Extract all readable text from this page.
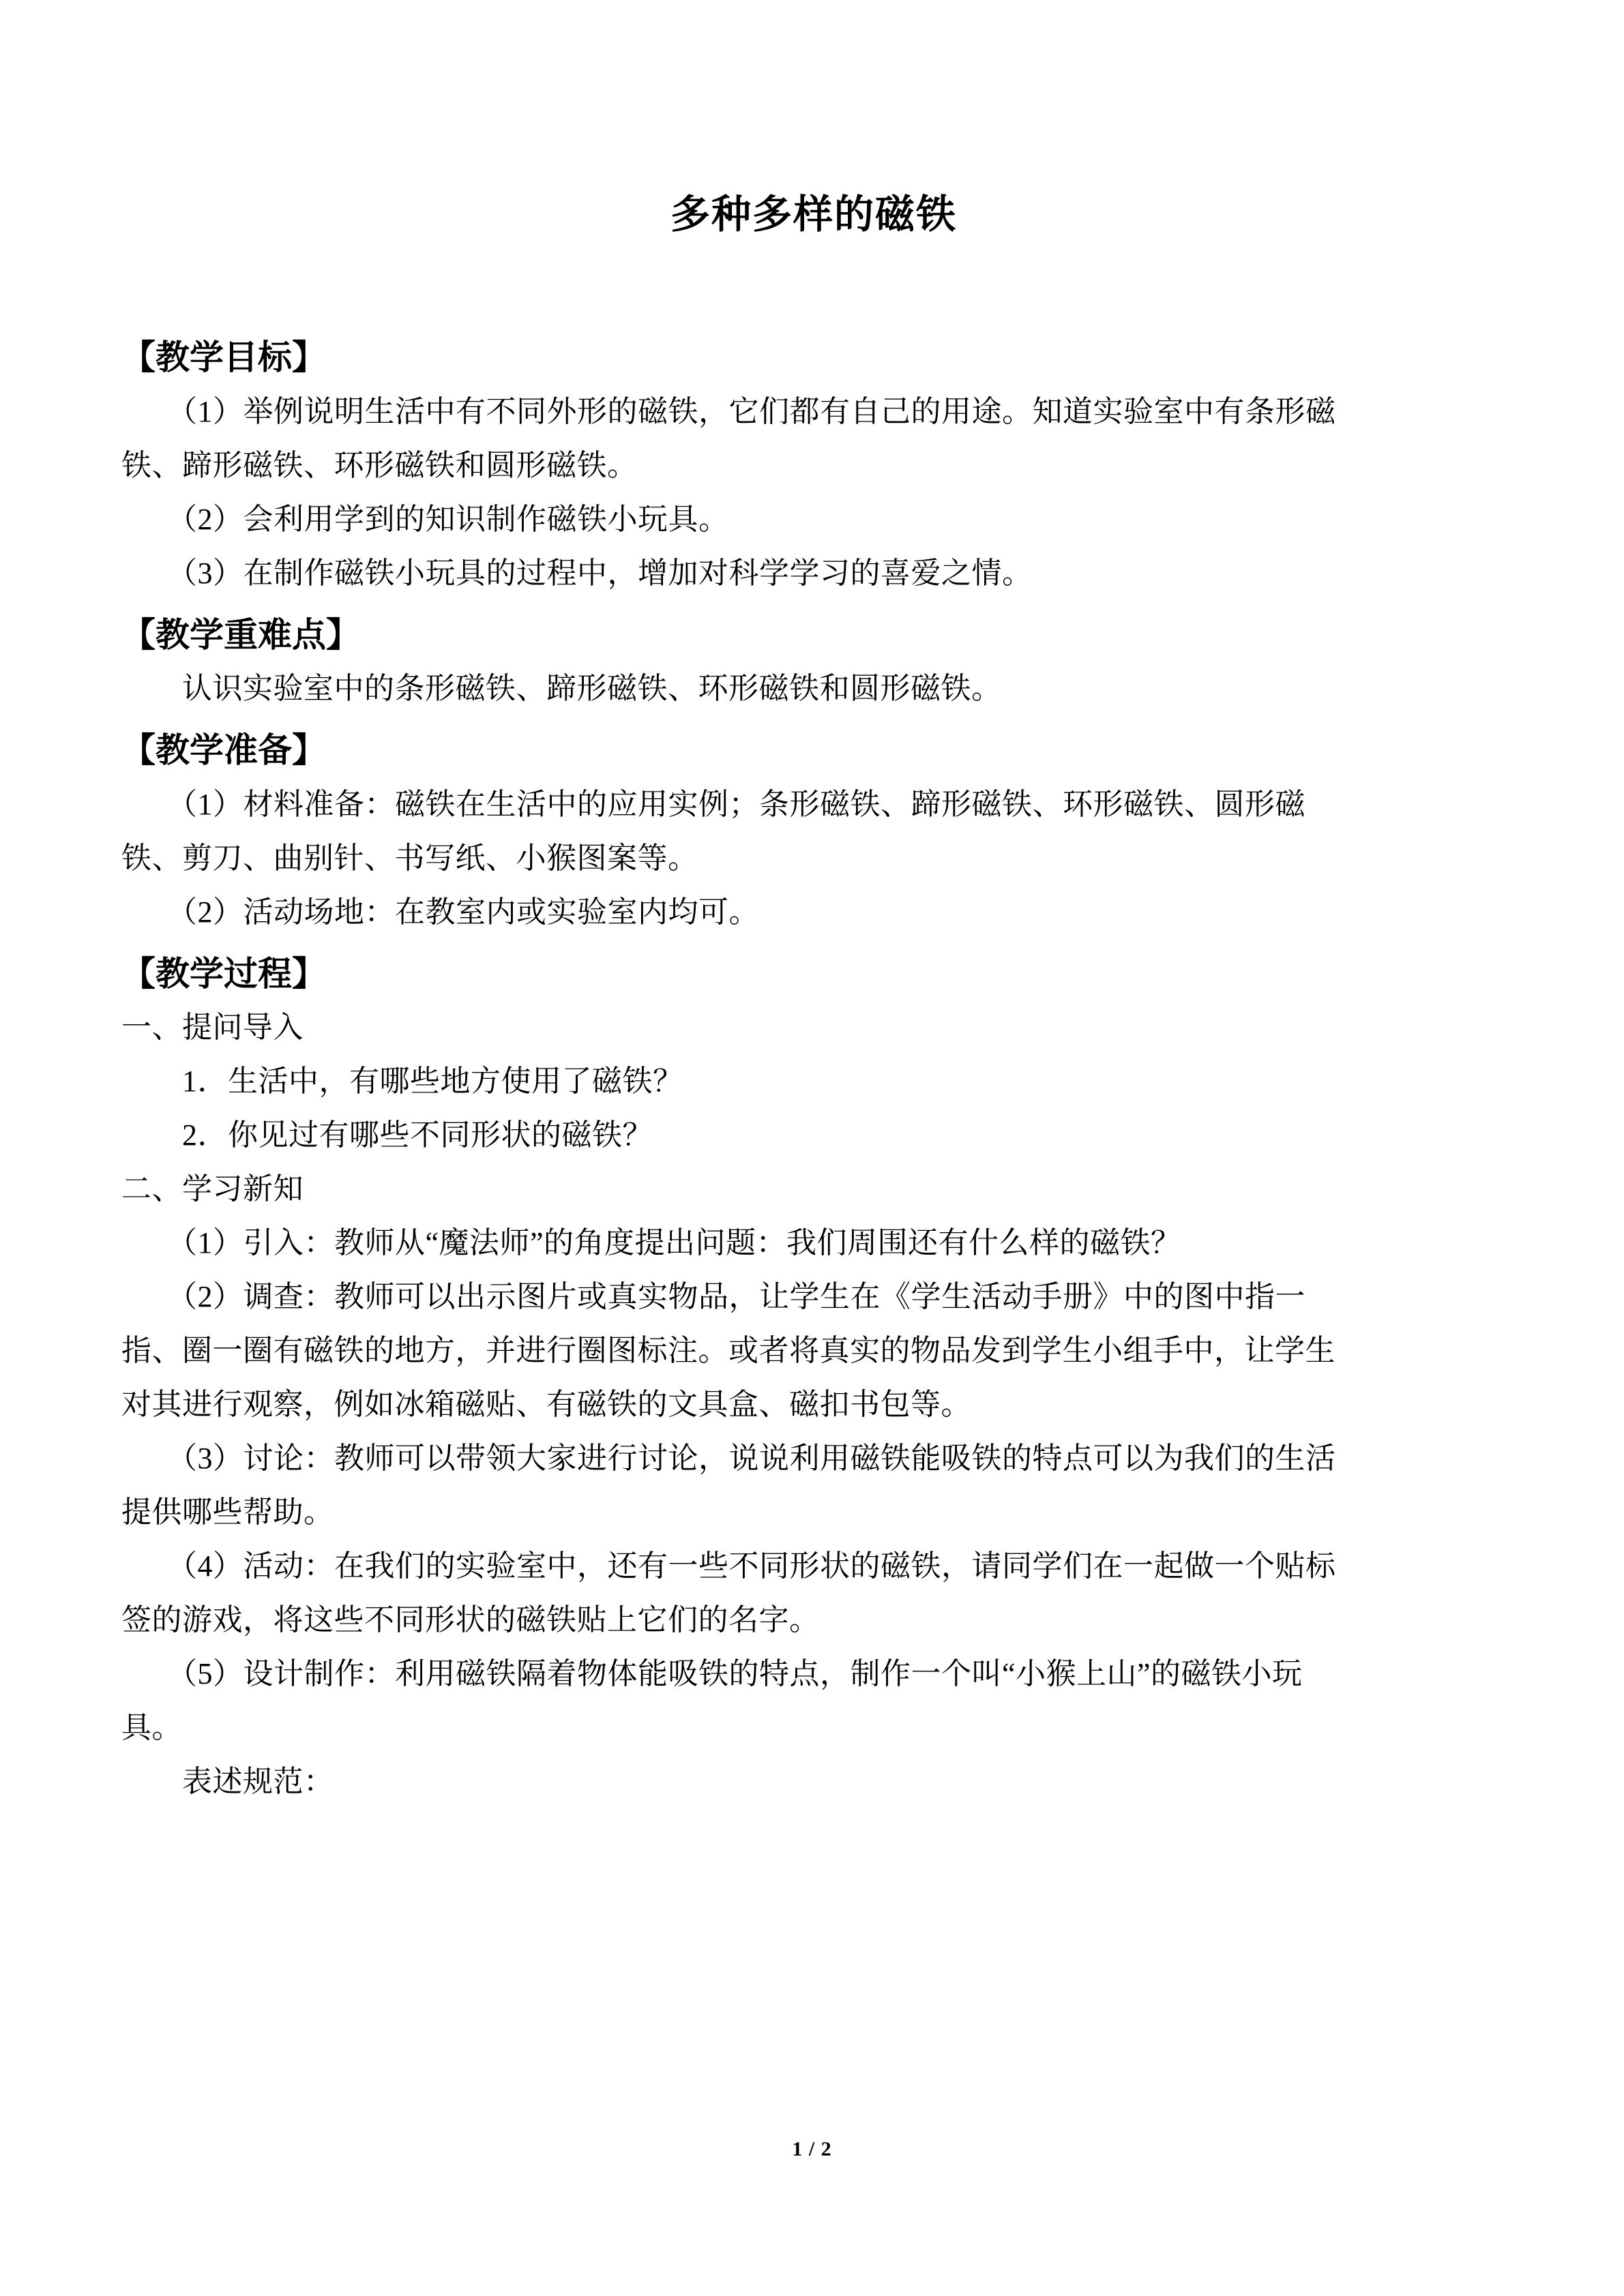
多种多样的磁铁
【教学目标】

　　（1）举例说明生活中有不同外形的磁铁，它们都有自己的用途。知道实验室中有条形磁

铁、蹄形磁铁、环形磁铁和圆形磁铁。

　　（2）会利用学到的知识制作磁铁小玩具。

　　（3）在制作磁铁小玩具的过程中，增加对科学学习的喜爱之情。

【教学重难点】

　　认识实验室中的条形磁铁、蹄形磁铁、环形磁铁和圆形磁铁。

【教学准备】

　　（1）材料准备：磁铁在生活中的应用实例；条形磁铁、蹄形磁铁、环形磁铁、圆形磁

铁、剪刀、曲别针、书写纸、小猴图案等。

　　（2）活动场地：在教室内或实验室内均可。

【教学过程】

一、提问导入

　　1．生活中，有哪些地方使用了磁铁？

　　2．你见过有哪些不同形状的磁铁？

二、学习新知

　　（1）引入：教师从“魔法师”的角度提出问题：我们周围还有什么样的磁铁？

　　（2）调查：教师可以出示图片或真实物品，让学生在《学生活动手册》中的图中指一

指、圈一圈有磁铁的地方，并进行圈图标注。或者将真实的物品发到学生小组手中，让学生

对其进行观察，例如冰箱磁贴、有磁铁的文具盒、磁扣书包等。

　　（3）讨论：教师可以带领大家进行讨论，说说利用磁铁能吸铁的特点可以为我们的生活

提供哪些帮助。

　　（4）活动：在我们的实验室中，还有一些不同形状的磁铁，请同学们在一起做一个贴标

签的游戏，将这些不同形状的磁铁贴上它们的名字。

　　（5）设计制作：利用磁铁隔着物体能吸铁的特点，制作一个叫“小猴上山”的磁铁小玩

具。

　　表述规范：

1 / 2
